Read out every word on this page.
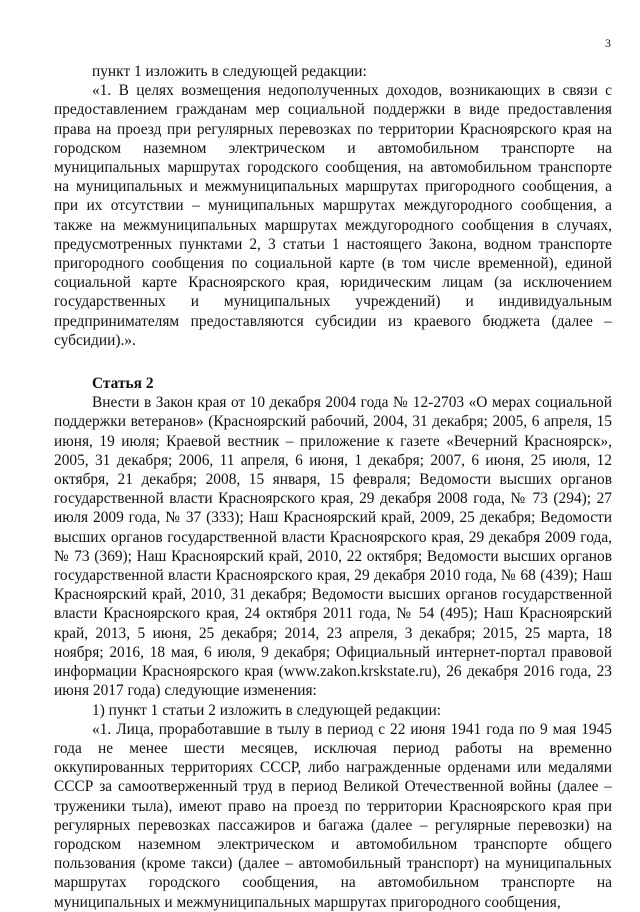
3

пункт 1 изложить в следующей редакции:

«1. В целях возмещения недополученных доходов, возникающих в связи с предоставлением гражданам мер социальной поддержки в виде предоставления права на проезд при регулярных перевозках по территории Красноярского края на городском наземном электрическом и автомобильном транспорте на муниципальных маршрутах городского сообщения, на автомобильном транспорте на муниципальных и межмуниципальных маршрутах пригородного сообщения, а при их отсутствии – муниципальных маршрутах междугородного сообщения, а также на межмуниципальных маршрутах междугородного сообщения в случаях, предусмотренных пунктами 2, 3 статьи 1 настоящего Закона, водном транспорте пригородного сообщения по социальной карте (в том числе временной), единой социальной карте Красноярского края, юридическим лицам (за исключением государственных и муниципальных учреждений) и индивидуальным предпринимателям предоставляются субсидии из краевого бюджета (далее – субсидии).».

Статья 2

Внести в Закон края от 10 декабря 2004 года № 12-2703 «О мерах социальной поддержки ветеранов» (Красноярский рабочий, 2004, 31 декабря; 2005, 6 апреля, 15 июня, 19 июля; Краевой вестник – приложение к газете «Вечерний Красноярск», 2005, 31 декабря; 2006, 11 апреля, 6 июня, 1 декабря; 2007, 6 июня, 25 июля, 12 октября, 21 декабря; 2008, 15 января, 15 февраля; Ведомости высших органов государственной власти Красноярского края, 29 декабря 2008 года, № 73 (294); 27 июля 2009 года, № 37 (333); Наш Красноярский край, 2009, 25 декабря; Ведомости высших органов государственной власти Красноярского края, 29 декабря 2009 года, № 73 (369); Наш Красноярский край, 2010, 22 октября; Ведомости высших органов государственной власти Красноярского края, 29 декабря 2010 года, № 68 (439); Наш Красноярский край, 2010, 31 декабря; Ведомости высших органов государственной власти Красноярского края, 24 октября 2011 года, № 54 (495); Наш Красноярский край, 2013, 5 июня, 25 декабря; 2014, 23 апреля, 3 декабря; 2015, 25 марта, 18 ноября; 2016, 18 мая, 6 июля, 9 декабря; Официальный интернет-портал правовой информации Красноярского края (www.zakon.krskstate.ru), 26 декабря 2016 года, 23 июня 2017 года) следующие изменения:

1) пункт 1 статьи 2 изложить в следующей редакции:

«1. Лица, проработавшие в тылу в период с 22 июня 1941 года по 9 мая 1945 года не менее шести месяцев, исключая период работы на временно оккупированных территориях СССР, либо награжденные орденами или медалями СССР за самоотверженный труд в период Великой Отечественной войны (далее – труженики тыла), имеют право на проезд по территории Красноярского края при регулярных перевозках пассажиров и багажа (далее – регулярные перевозки) на городском наземном электрическом и автомобильном транспорте общего пользования (кроме такси) (далее – автомобильный транспорт) на муниципальных маршрутах городского сообщения, на автомобильном транспорте на муниципальных и межмуниципальных маршрутах пригородного сообщения,
